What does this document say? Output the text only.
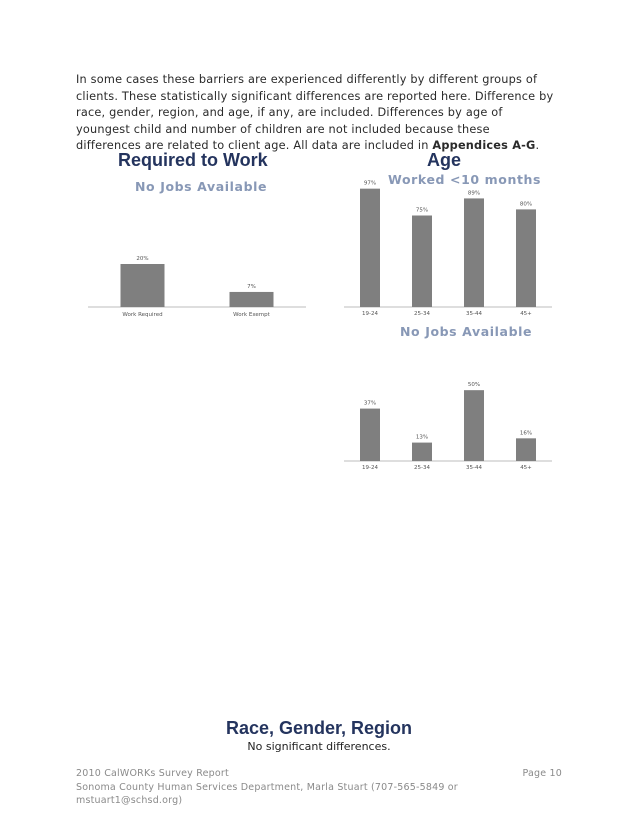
In some cases these barriers are experienced differently by different groups of clients. These statistically significant differences are reported here. Difference by race, gender, region, and age, if any, are included. Differences by age of youngest child and number of children are not included because these differences are related to client age. All data are included in Appendices A-G.
Required to Work
No Jobs Available
Age
Worked <10 months
No Jobs Available
20%
Work Required
7%
Work Exempt
97%
19-24
75%
25-34
89%
35-44
80%
45+
37%
19-24
13%
25-34
50%
35-44
16%
45+
Race, Gender, Region
No significant differences.
2010 CalWORKs Survey Report
Sonoma County Human Services Department, Marla Stuart (707-565-5849 or mstuart1@schsd.org)
Page 10
